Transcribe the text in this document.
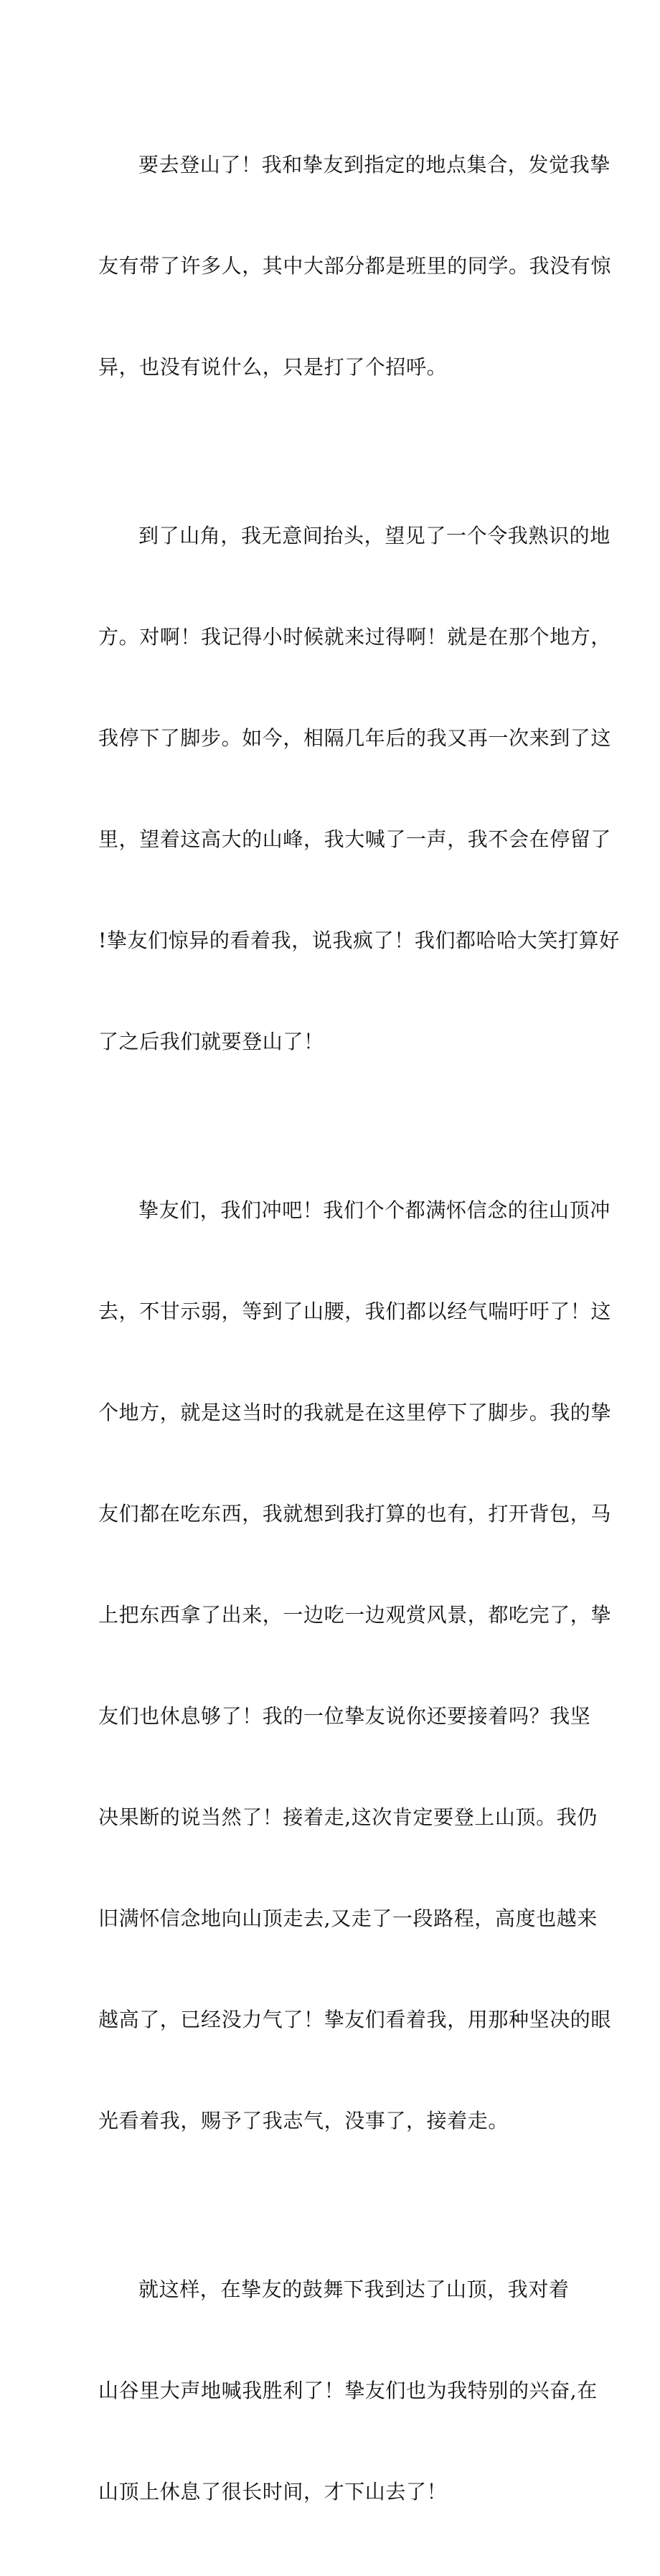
要去登山了！我和挚友到指定的地点集合，发觉我挚

友有带了许多人，其中大部分都是班里的同学。我没有惊

异，也没有说什么，只是打了个招呼。

到了山角，我无意间抬头，望见了一个令我熟识的地

方。对啊！我记得小时候就来过得啊！就是在那个地方，

我停下了脚步。如今，相隔几年后的我又再一次来到了这

里，望着这高大的山峰，我大喊了一声，我不会在停留了

!挚友们惊异的看着我，说我疯了！我们都哈哈大笑打算好

了之后我们就要登山了！

挚友们，我们冲吧！我们个个都满怀信念的往山顶冲

去，不甘示弱，等到了山腰，我们都以经气喘吁吁了！这

个地方，就是这当时的我就是在这里停下了脚步。我的挚

友们都在吃东西，我就想到我打算的也有，打开背包，马

上把东西拿了出来，一边吃一边观赏风景，都吃完了，挚

友们也休息够了！我的一位挚友说你还要接着吗？我坚

决果断的说当然了！接着走,这次肯定要登上山顶。我仍

旧满怀信念地向山顶走去,又走了一段路程，高度也越来

越高了，已经没力气了！挚友们看着我，用那种坚决的眼

光看着我，赐予了我志气，没事了，接着走。

就这样，在挚友的鼓舞下我到达了山顶，我对着

山谷里大声地喊我胜利了！挚友们也为我特别的兴奋,在

山顶上休息了很长时间，才下山去了！
